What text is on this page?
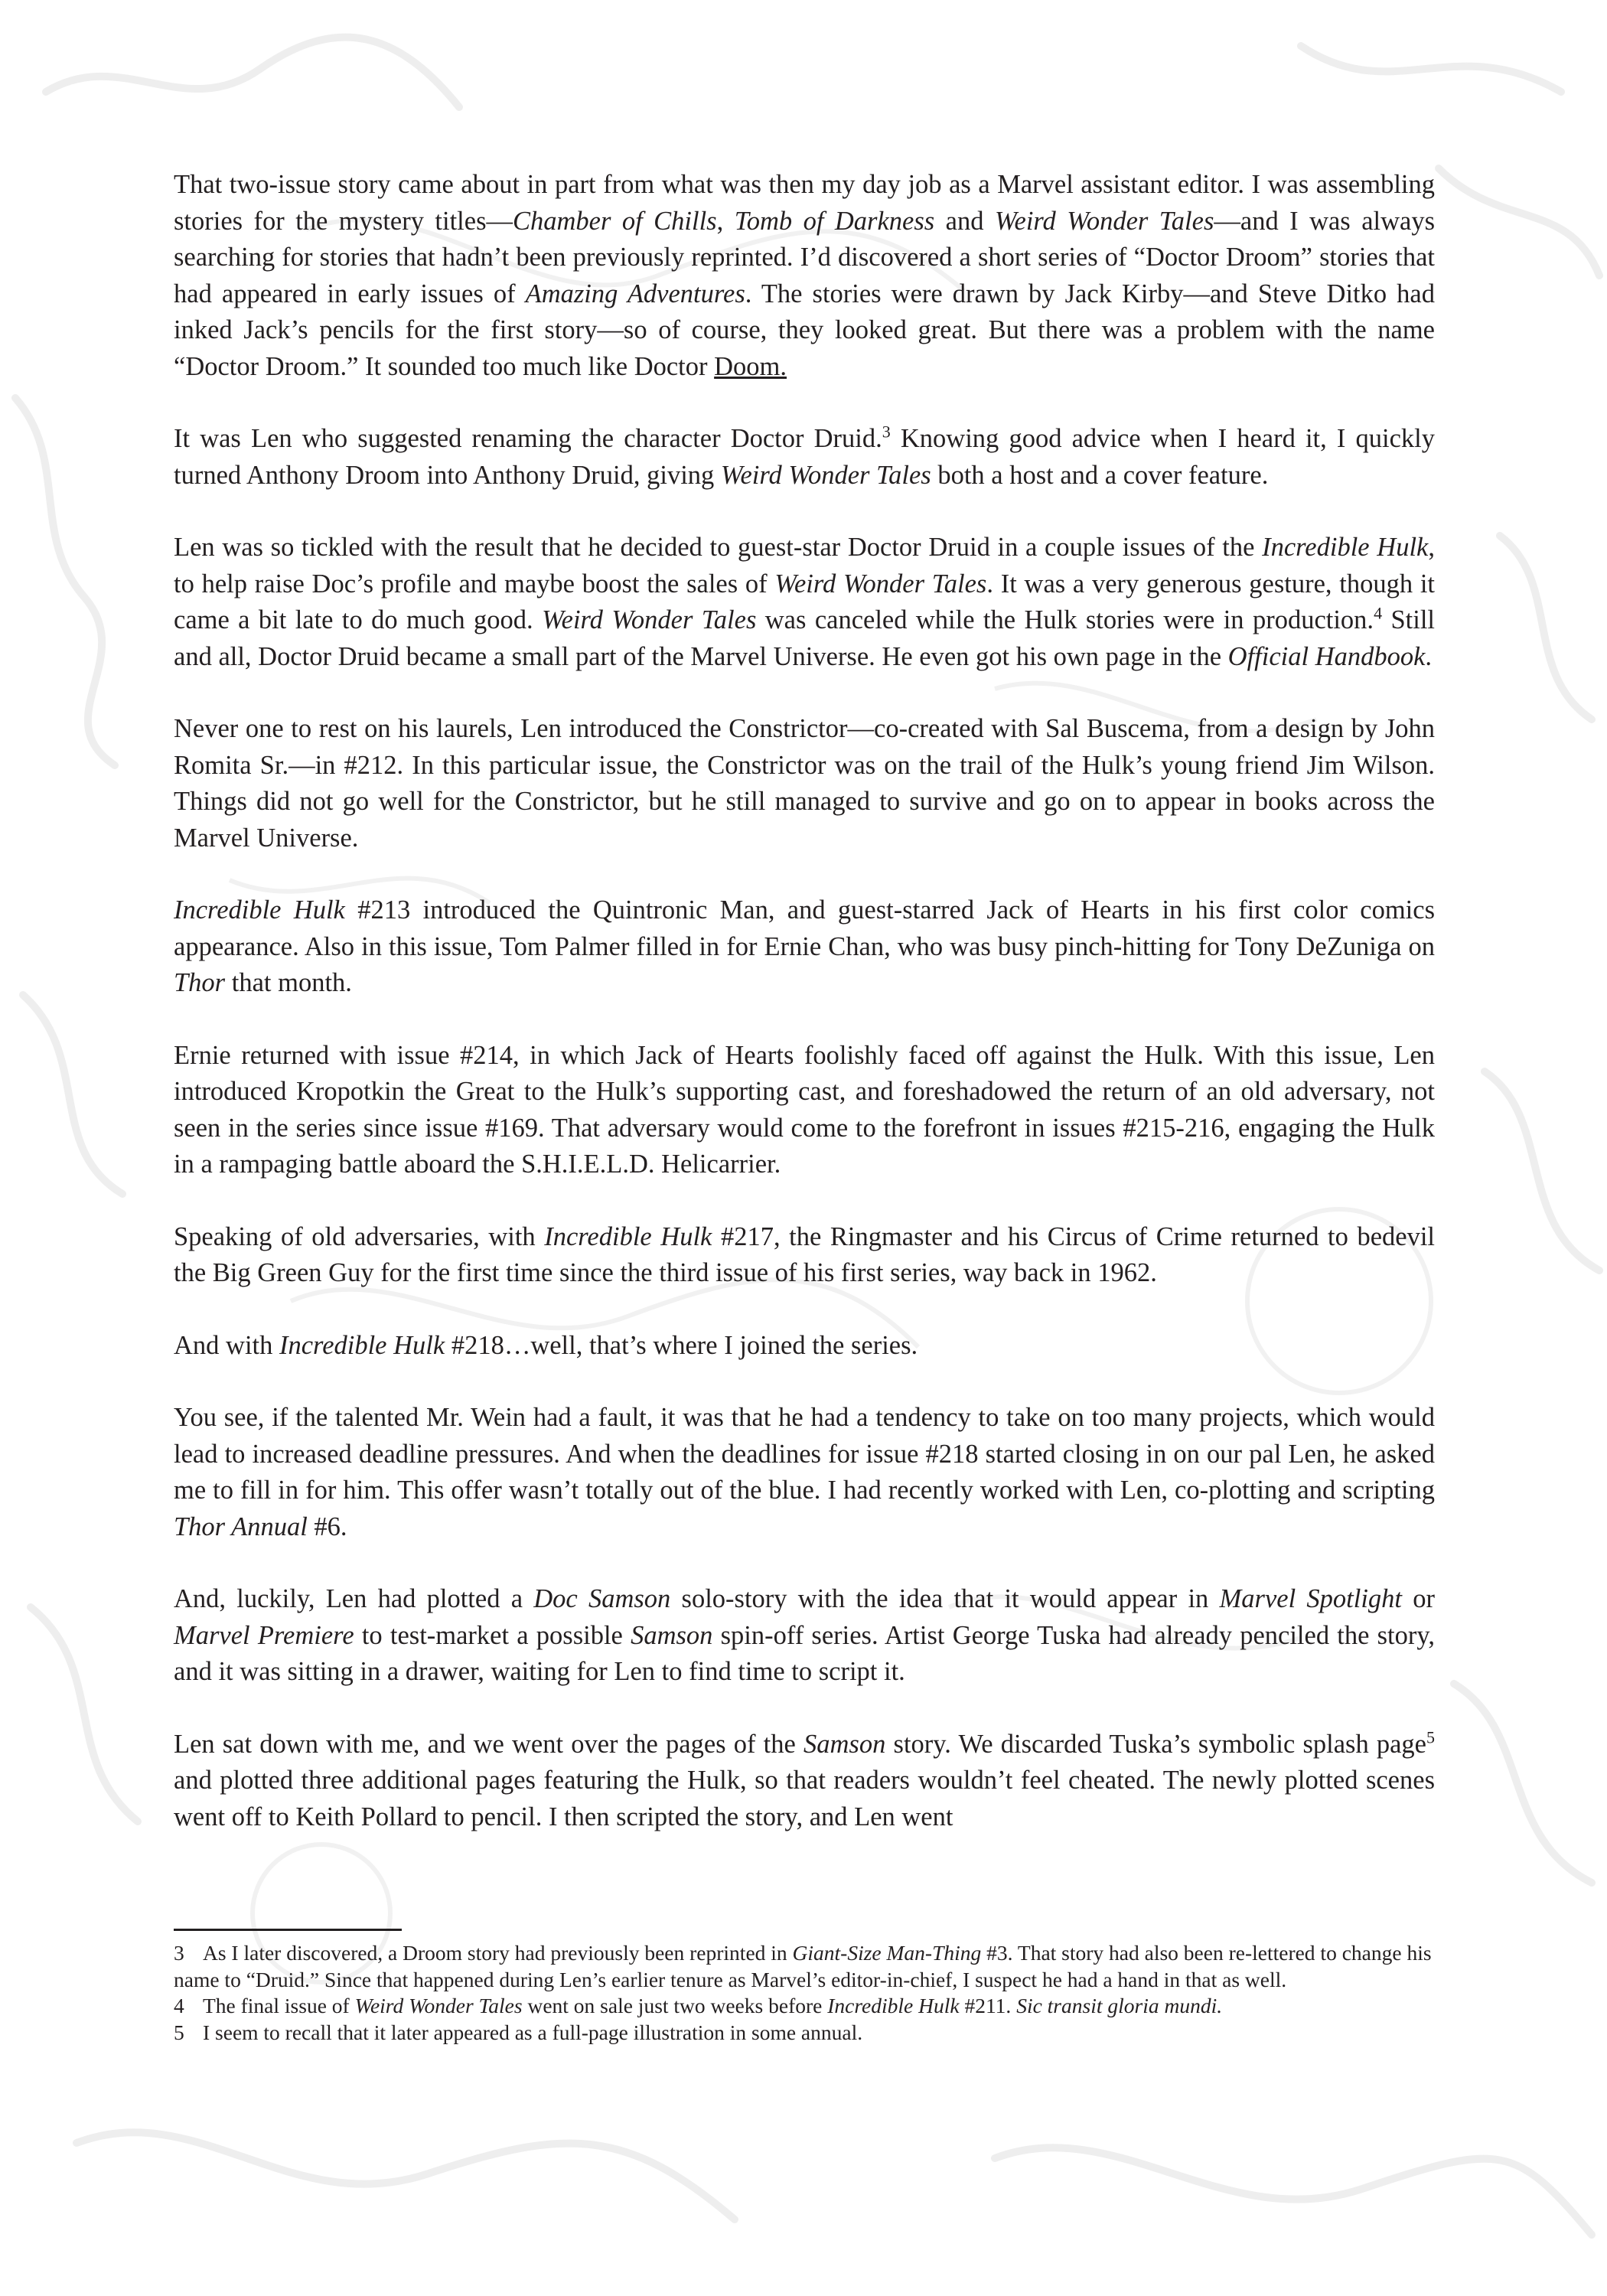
That two-issue story came about in part from what was then my day job as a Marvel assistant editor. I was assembling stories for the mystery titles—Chamber of Chills, Tomb of Darkness and Weird Wonder Tales—and I was always searching for stories that hadn’t been previously reprinted. I’d discovered a short series of “Doctor Droom” stories that had appeared in early issues of Amazing Adventures. The stories were drawn by Jack Kirby—and Steve Ditko had inked Jack’s pencils for the first story—so of course, they looked great. But there was a problem with the name “Doctor Droom.” It sounded too much like Doctor Doom.

It was Len who suggested renaming the character Doctor Druid.$^3$ Knowing good advice when I heard it, I quickly turned Anthony Droom into Anthony Druid, giving Weird Wonder Tales both a host and a cover feature.

Len was so tickled with the result that he decided to guest-star Doctor Druid in a couple issues of the Incredible Hulk, to help raise Doc’s profile and maybe boost the sales of Weird Wonder Tales. It was a very generous gesture, though it came a bit late to do much good. Weird Wonder Tales was canceled while the Hulk stories were in production.$^4$ Still and all, Doctor Druid became a small part of the Marvel Universe. He even got his own page in the Official Handbook.

Never one to rest on his laurels, Len introduced the Constrictor—co-created with Sal Buscema, from a design by John Romita Sr.—in #212. In this particular issue, the Constrictor was on the trail of the Hulk’s young friend Jim Wilson. Things did not go well for the Constrictor, but he still managed to survive and go on to appear in books across the Marvel Universe.

Incredible Hulk #213 introduced the Quintronic Man, and guest-starred Jack of Hearts in his first color comics appearance. Also in this issue, Tom Palmer filled in for Ernie Chan, who was busy pinch-hitting for Tony DeZuniga on Thor that month.

Ernie returned with issue #214, in which Jack of Hearts foolishly faced off against the Hulk. With this issue, Len introduced Kropotkin the Great to the Hulk’s supporting cast, and foreshadowed the return of an old adversary, not seen in the series since issue #169. That adversary would come to the forefront in issues #215-216, engaging the Hulk in a rampaging battle aboard the S.H.I.E.L.D. Helicarrier.

Speaking of old adversaries, with Incredible Hulk #217, the Ringmaster and his Circus of Crime returned to bedevil the Big Green Guy for the first time since the third issue of his first series, way back in 1962.

And with Incredible Hulk #218…well, that’s where I joined the series.

You see, if the talented Mr. Wein had a fault, it was that he had a tendency to take on too many projects, which would lead to increased deadline pressures. And when the deadlines for issue #218 started closing in on our pal Len, he asked me to fill in for him. This offer wasn’t totally out of the blue. I had recently worked with Len, co-plotting and scripting Thor Annual #6.

And, luckily, Len had plotted a Doc Samson solo-story with the idea that it would appear in Marvel Spotlight or Marvel Premiere to test-market a possible Samson spin-off series. Artist George Tuska had already penciled the story, and it was sitting in a drawer, waiting for Len to find time to script it.

Len sat down with me, and we went over the pages of the Samson story. We discarded Tuska’s symbolic splash page$^5$ and plotted three additional pages featuring the Hulk, so that readers wouldn’t feel cheated. The newly plotted scenes went off to Keith Pollard to pencil. I then scripted the story, and Len went

3 As I later discovered, a Droom story had previously been reprinted in Giant-Size Man-Thing #3. That story had also been re-lettered to change his name to “Druid.” Since that happened during Len’s earlier tenure as Marvel’s editor-in-chief, I suspect he had a hand in that as well.

4 The final issue of Weird Wonder Tales went on sale just two weeks before Incredible Hulk #211. Sic transit gloria mundi.

5 I seem to recall that it later appeared as a full-page illustration in some annual.
